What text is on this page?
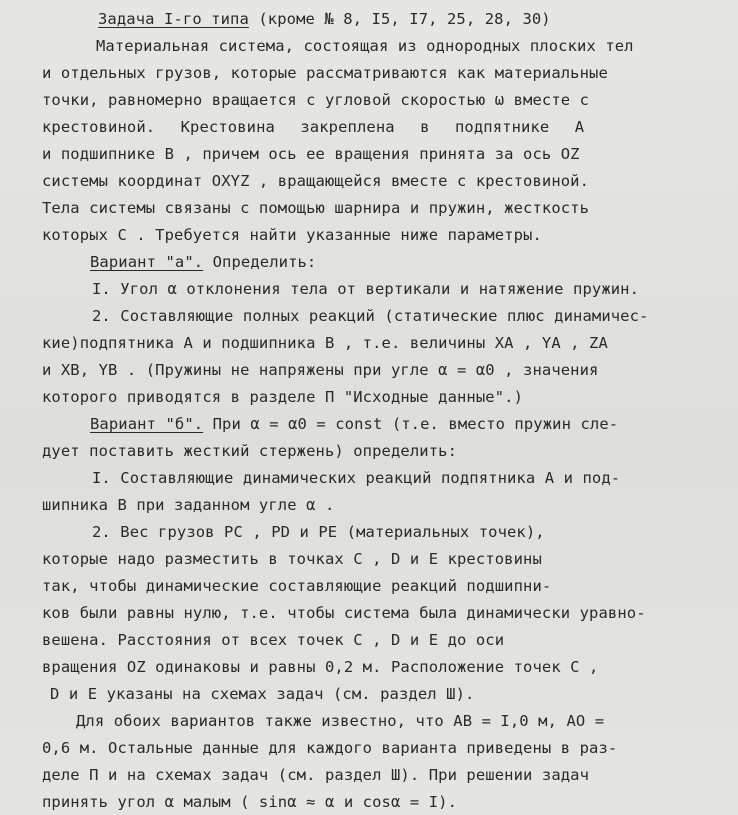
Задача I-го типа (кроме № 8, I5, I7, 25, 28, 30)
Материальная система, состоящая из однородных плоских тел
и отдельных грузов, которые рассматриваются как материальные
точки, равномерно вращается с угловой скоростью ω вместе с
крестовиной. Крестовина закреплена в подпятнике А
и подшипнике B , причем ось ее вращения принята за ось OZ
системы координат OXYZ , вращающейся вместе с крестовиной.
Тела системы связаны с помощью шарнира и пружин, жесткость
которых C . Требуется найти указанные ниже параметры.
Вариант "а". Определить:
I. Угол α отклонения тела от вертикали и натяжение пружин.
2. Составляющие полных реакций (статические плюс динамичес-
кие)подпятника A и подшипника B , т.е. величины XA , YA , ZA
и XB, YB . (Пружины не напряжены при угле α = α0 , значения
которого приводятся в разделе П "Исходные данные".)
Вариант "б". При α = α0 = const (т.е. вместо пружин сле-
дует поставить жесткий стержень) определить:
I. Составляющие динамических реакций подпятника A и под-
шипника B при заданном угле α .
2. Вес грузов PC , PD и PE (материальных точек),
которые надо разместить в точках C , D и E крестовины
так, чтобы динамические составляющие реакций подшипни-
ков были равны нулю, т.е. чтобы система была динамически уравно-
вешена. Расстояния от всех точек C , D и E до оси
вращения OZ одинаковы и равны 0,2 м. Расположение точек C ,
D и E указаны на схемах задач (см. раздел Ш).
Для обоих вариантов также известно, что AB = I,0 м, AO =
0,6 м. Остальные данные для каждого варианта приведены в раз-
деле П и на схемах задач (см. раздел Ш). При решении задач
принять угол α малым ( sinα ≈ α и cosα = I).
